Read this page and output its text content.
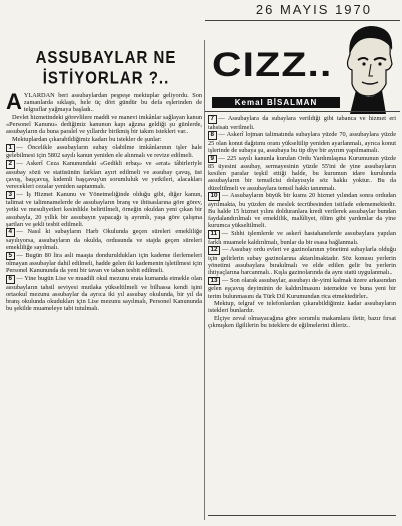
26 MAYIS 1970
ASSUBAYLAR NE
İSTİYORLAR ?..	CIZZ..
Kemal BİSALMAN

A YLARDAN beri assubaylardan peşpeşe mektuplar geliyordu. Son zamanlarda sıklaştı, hele üç dört gündür bu defa eşlerinden de telgraflar yağmaya başladı..

Devlet hizmetindeki görevlilere maddi ve manevi imkânlar sağlayan kanun «Personel Kanunu» dediğimiz kanunun kapı ağzına geldiği şu günlerde, assubayların da buna paralel ve yıllardır birikmiş bir takım istekleri var..

Mektuplardan çıkarabildiğimiz kadarı bu istekler de şunlar:

1 — Öncelikle assubayların subay olabilme imkânlarının işler hale gelebilmesi için 5802 sayılı kanun yeniden ele alınmalı ve revize edilmeli.

2 — Askerî Ceza Kanunundaki «Gedikli erbaş» ve «erat» tâbirleriyle assubay sözü ve statüsünün farkları ayırt edilmeli ve assubay çavuş, üst çavuş, başçavuş, kıdemli başçavuş'un sorumluluk ve yetkileri, alacakları verecekleri cezalar yeniden saptanmalı.

3 — İş Hizmet Kanunu ve Yönetmeliğinde olduğu gibi, diğer kanun, talimat ve talimnamelerde de assubayların branş ve ihtisaslarına göre görev, yetki ve mesuliyetleri kesinlikle belirtilmeli, örneğin okuldan yeni çıkan bir assubayla, 20 yıllık bir assubayın yapacağı iş ayrımlı, yaşa göre çalışma şartları ve şekli tesbit edilmeli.

4 — Nasıl ki subayların Harb Okulunda geçen süreleri emekliliğe sayılıyorsa, assubayların da okulda, ordusunda ve stajda geçen süreleri emekliliğe sayılmalı.

5 — Bugün 80 lira asli maaşta donduruldukları için kademe ilerlemeleri olmayan assubaylar dahil edilmeli, hadde gelen iki kademenin işletilmesi için Personel Kanununda da yeni bir tavan ve taban tesbit edilmeli.

6 — Yine bugün Lise ve muadili okul mezunu erata kumanda etmekle olan assubayların tahsil seviyesi mutlaka yükseltilmeli ve bilhassa kendi işini ortaokul mezunu assubaylar da ayrıca iki yıl assubay okulunda, bir yıl da branş okulunda okudukları için Lise mezunu sayılmalı, Personel Kanununda bu şekilde muameleye tabi tutulmalı.

7 — Assubaylara da subaylara verildiği gibi tabanca ve hizmet eri tahsisatı verilmeli.

8 — Askerî lojman talimatında subaylara yüzde 70, assubaylara yüzde 25 olan konut dağıtımı oranı yükseltilip yeniden ayarlanmalı, ayrıca konut işlerinde de subaya şu, assubaya bu tip diye bir ayırım yapılmamalı.

9 — 225 sayılı kanunla kurulan Ordu Yardımlaşma Kurumunun yüzde 85 üyesini assubay, sermayesinin yüzde 55'ini de yine assubayların kesilen paralar teşkil ettiği halde, bu kurumun idare kurulunda assubayların bir temsilcisi dolayısıyle söz hakkı yoktur.. Bu da düzeltilmeli ve assubaylara temsil hakkı tanınmalı.

10 — Assubayların büyük bir kısmı 20 hizmet yılından sonra ordudan ayrılmakta, bu yüzden de meslek tecrübesinden istifade edememektedir. Bu halde 15 hizmet yılını dolduranlara kredi verilerek assubaylar bundan faydalandırılmalı ve emeklilik, malûliyet, ölüm gibi yardımlar da yine kurumca yükseltilmeli.

11 — Sıhhi işlemlerde ve askerî hastahanelerde assubaylara yapılan farklı muamele kaldırılmalı, bunlar da bir esasa bağlanmalı.

12 — Assubay ordu evleri ve gazinolarının yönetimi subaylarla olduğu için gelirlerin subay gazinolarına aktarılmaktadır. Söz konusu yerlerin yönetimi assubaylara bırakılmalı ve elde edilen gelir bu yerlerin ihtiyaçlarına harcanmalı.. Kışla gazinolarında da aynı statü uygulanmalı..

13 — Son olarak assubaylar, assubayı de-yimi kalmak üzere arkasından gelen eşçavuş deyiminin de kaldırılmasını istemekte ve buna yeni bir terim bulunmasını da Türk Dil Kurumundan rica etmektedirler..

Mektup, telgraf ve telefonlardan çıkarabildiğimiz kadar assubayların istekleri bunlardır.

Elçiye zeval olmayacağına göre sorumlu makamlara iletir, bazır fırsat çıkmışken ilgililerin bu isteklere de eğilmelerini dileriz..
